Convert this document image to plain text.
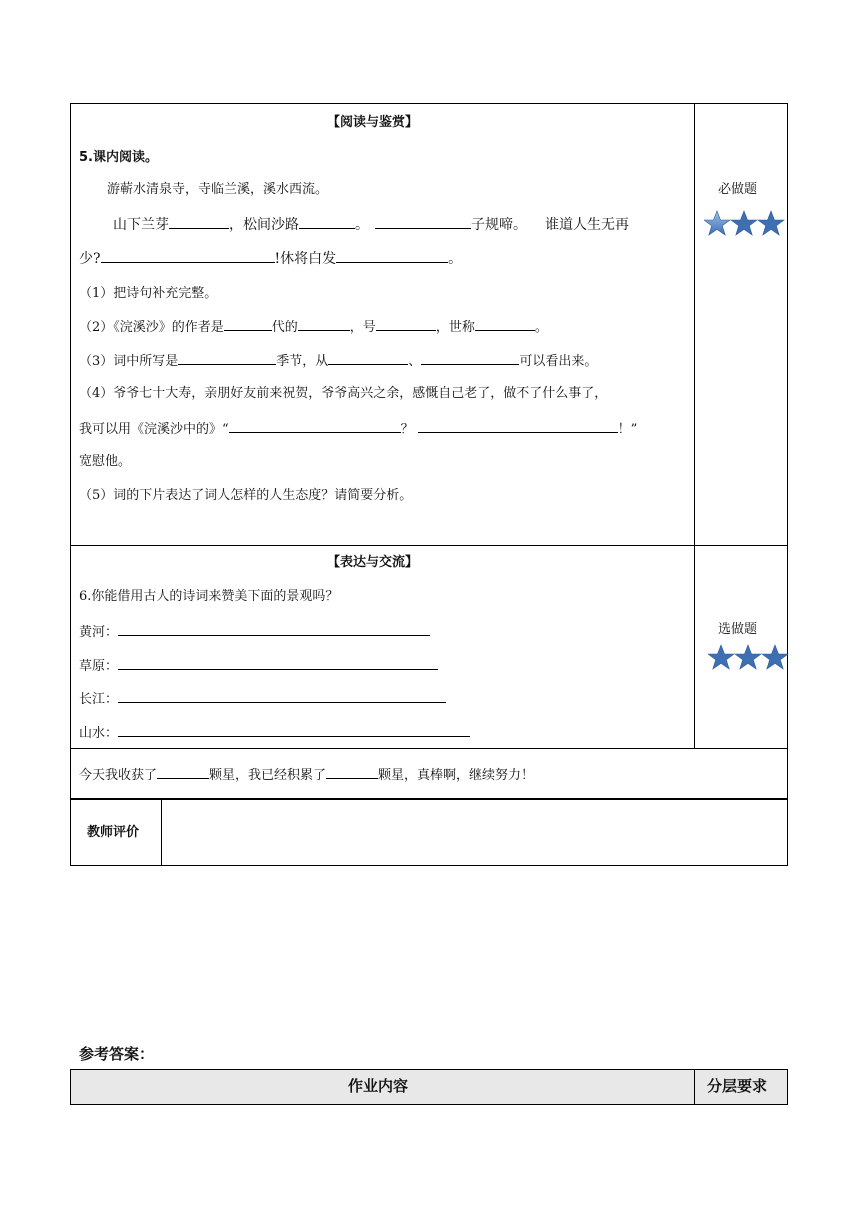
【阅读与鉴赏】
5.课内阅读。
游蕲水清泉寺，寺临兰溪，溪水西流。
山下兰芽	，松间沙路	。	子规啼。 谁道人生无再
少?	!休将白发	。
（1）把诗句补充完整。
（2）《浣溪沙》的作者是	代的	，号	，世称	。
（3）词中所写是	季节，从	、	可以看出来。
（4）爷爷七十大寿，亲朋好友前来祝贺，爷爷高兴之余，感慨自己老了，做不了什么事了，
我可以用《浣溪沙中的》“	？	！”
宽慰他。
（5）词的下片表达了词人怎样的人生态度？请简要分析。
必做题
【表达与交流】
6.你能借用古人的诗词来赞美下面的景观吗？
黄河：
草原：
长江：
山水：
选做题
今天我收获了	颗星，我已经积累了	颗星，真棒啊，继续努力！
教师评价
参考答案：
作业内容	分层要求
